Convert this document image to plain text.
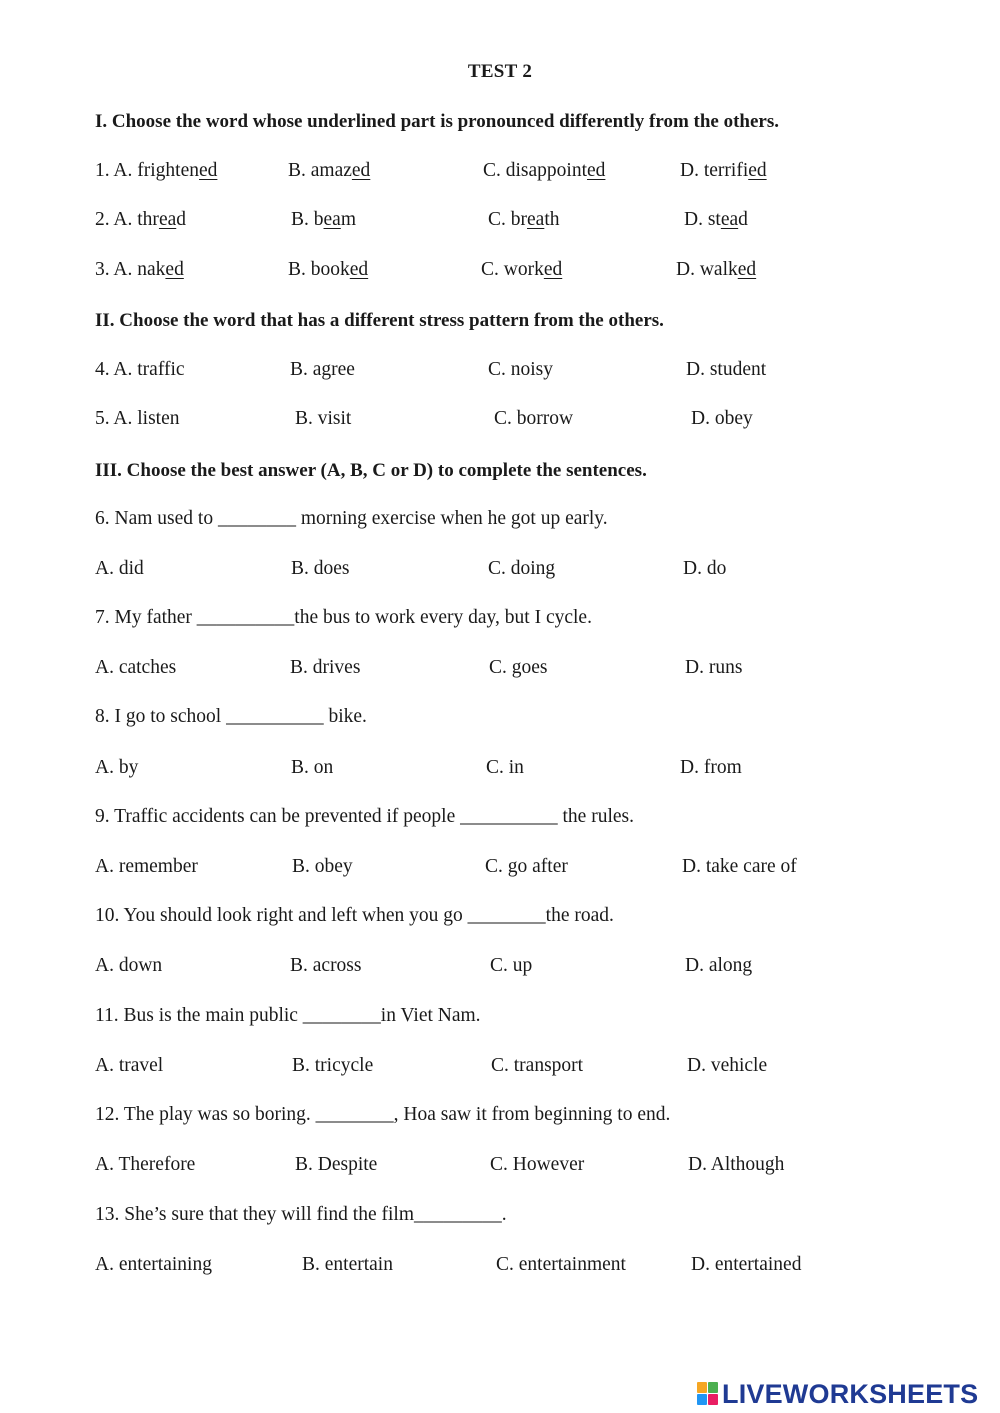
TEST 2
I. Choose the word whose underlined part is pronounced differently from the others.
1. A. frightened	B. amazed	C. disappointed	D. terrified
2. A. thread	B. beam	C. breath	D. stead
3. A. naked	B. booked	C. worked	D. walked
II. Choose the word that has a different stress pattern from the others.
4. A. traffic	B. agree	C. noisy	D. student
5. A. listen	B. visit	C. borrow	D. obey
III. Choose the best answer (A, B, C or D) to complete the sentences.
6. Nam used to ________ morning exercise when he got up early.
A. did	B. does	C. doing	D. do
7. My father __________the bus to work every day, but I cycle.
A. catches	B. drives	C. goes	D. runs
8. I go to school __________ bike.
A. by	B. on	C. in	D. from
9. Traffic accidents can be prevented if people __________ the rules.
A. remember	B. obey	C. go after	D. take care of
10. You should look right and left when you go ________the road.
A. down	B. across	C. up	D. along
11. Bus is the main public ________in Viet Nam.
A. travel	B. tricycle	C. transport	D. vehicle
12. The play was so boring. ________, Hoa saw it from beginning to end.
A. Therefore	B. Despite	C. However	D. Although
13. She’s sure that they will find the film_________.
A. entertaining	B. entertain	C. entertainment	D. entertained
LIVEWORKSHEETS
